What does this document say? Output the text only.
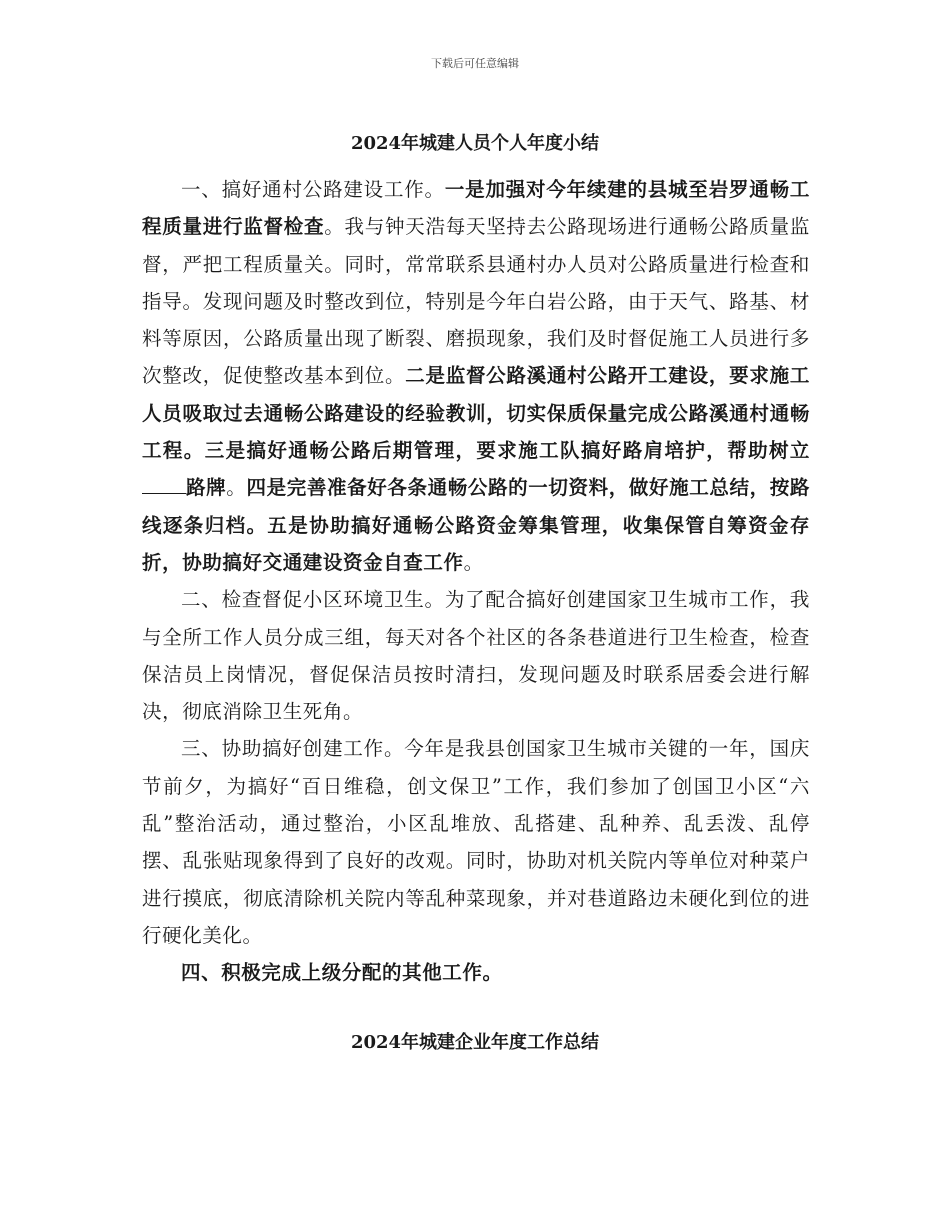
下载后可任意编辑
2024年城建人员个人年度小结

一、搞好通村公路建设工作。一是加强对今年续建的县城至岩罗通畅工程质量进行监督检查。我与钟天浩每天坚持去公路现场进行通畅公路质量监督，严把工程质量关。同时，常常联系县通村办人员对公路质量进行检查和指导。发现问题及时整改到位，特别是今年白岩公路，由于天气、路基、材料等原因，公路质量出现了断裂、磨损现象，我们及时督促施工人员进行多次整改，促使整改基本到位。二是监督公路溪通村公路开工建设，要求施工人员吸取过去通畅公路建设的经验教训，切实保质保量完成公路溪通村通畅工程。三是搞好通畅公路后期管理，要求施工队搞好路肩培护，帮助树立路牌。四是完善准备好各条通畅公路的一切资料，做好施工总结，按路线逐条归档。五是协助搞好通畅公路资金筹集管理，收集保管自筹资金存折，协助搞好交通建设资金自查工作。

二、检查督促小区环境卫生。为了配合搞好创建国家卫生城市工作，我与全所工作人员分成三组，每天对各个社区的各条巷道进行卫生检查，检查保洁员上岗情况，督促保洁员按时清扫，发现问题及时联系居委会进行解决，彻底消除卫生死角。

三、协助搞好创建工作。今年是我县创国家卫生城市关键的一年，国庆节前夕，为搞好“百日维稳，创文保卫”工作，我们参加了创国卫小区“六乱”整治活动，通过整治，小区乱堆放、乱搭建、乱种养、乱丢泼、乱停摆、乱张贴现象得到了良好的改观。同时，协助对机关院内等单位对种菜户进行摸底，彻底清除机关院内等乱种菜现象，并对巷道路边未硬化到位的进行硬化美化。

四、积极完成上级分配的其他工作。

2024年城建企业年度工作总结
